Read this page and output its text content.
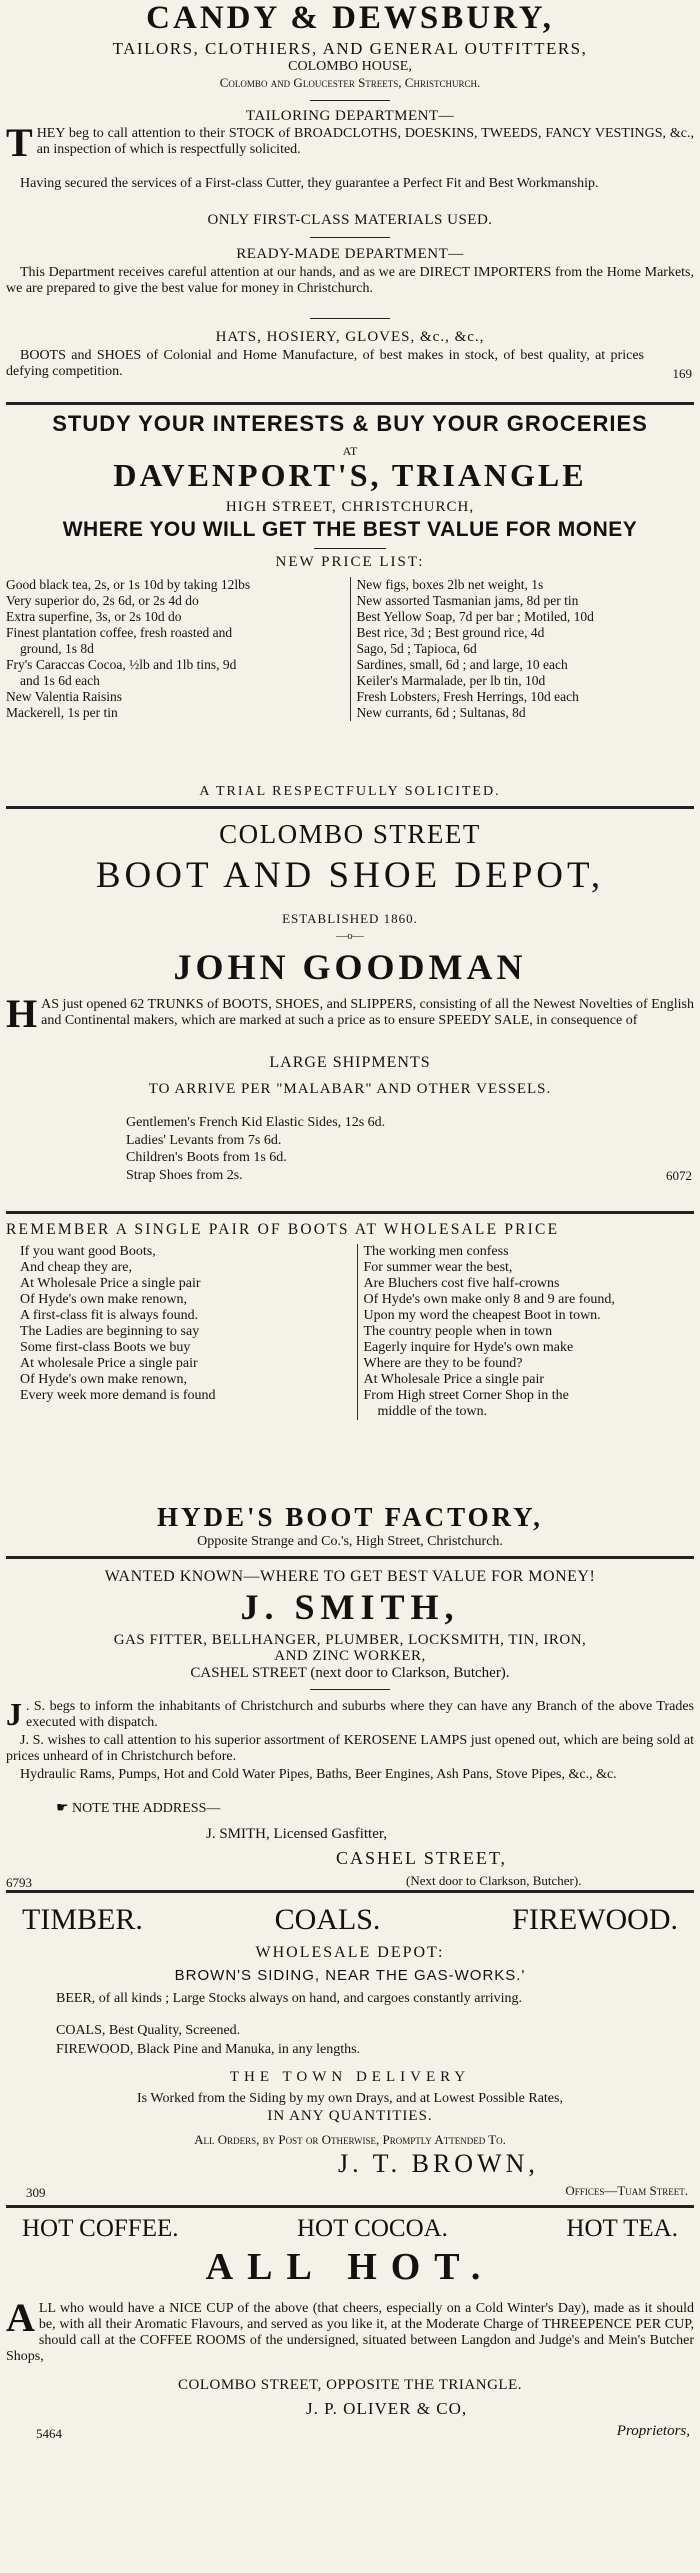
CANDY & DEWSBURY,
TAILORS, CLOTHIERS, AND GENERAL OUTFITTERS,
COLOMBO HOUSE,
Colombo and Gloucester Streets, Christchurch.
TAILORING DEPARTMENT—
THEY beg to call attention to their STOCK of BROADCLOTHS, DOESKINS, TWEEDS, FANCY VESTINGS, &c., an inspection of which is respectfully solicited.
Having secured the services of a First-class Cutter, they guarantee a Perfect Fit and Best Workmanship.
ONLY FIRST-CLASS MATERIALS USED.
READY-MADE DEPARTMENT—
This Department receives careful attention at our hands, and as we are DIRECT IMPORTERS from the Home Markets, we are prepared to give the best value for money in Christchurch.
HATS, HOSIERY, GLOVES, &c., &c.,
BOOTS and SHOES of Colonial and Home Manufacture, of best makes in stock, of best quality, at prices defying competition.	169
STUDY YOUR INTERESTS & BUY YOUR GROCERIES
AT
DAVENPORT'S, TRIANGLE
HIGH STREET, CHRISTCHURCH,
WHERE YOU WILL GET THE BEST VALUE FOR MONEY
NEW PRICE LIST:
Good black tea, 2s, or 1s 10d by taking 12lbs
Very superior do, 2s 6d, or 2s 4d do
Extra superfine, 3s, or 2s 10d do
Finest plantation coffee, fresh roasted and
ground, 1s 8d
Fry's Caraccas Cocoa, ½lb and 1lb tins, 9d
and 1s 6d each
New Valentia Raisins
Mackerell, 1s per tin
New figs, boxes 2lb net weight, 1s
New assorted Tasmanian jams, 8d per tin
Best Yellow Soap, 7d per bar ; Motiled, 10d
Best rice, 3d ; Best ground rice, 4d
Sago, 5d ; Tapioca, 6d
Sardines, small, 6d ; and large, 10 each
Keiler's Marmalade, per lb tin, 10d
Fresh Lobsters, Fresh Herrings, 10d each
New currants, 6d ; Sultanas, 8d
A TRIAL RESPECTFULLY SOLICITED.
COLOMBO STREET
BOOT AND SHOE DEPOT,
ESTABLISHED 1860.
—o—
JOHN GOODMAN
HAS just opened 62 TRUNKS of BOOTS, SHOES, and SLIPPERS, consisting of all the Newest Novelties of English and Continental makers, which are marked at such a price as to ensure SPEEDY SALE, in consequence of
LARGE SHIPMENTS
TO ARRIVE PER "MALABAR" AND OTHER VESSELS.
Gentlemen's French Kid Elastic Sides, 12s 6d.
Ladies' Levants from 7s 6d.
Children's Boots from 1s 6d.
Strap Shoes from 2s.	6072
REMEMBER A SINGLE PAIR OF BOOTS AT WHOLESALE PRICE
If you want good Boots,
And cheap they are,
At Wholesale Price a single pair
Of Hyde's own make renown,
A first-class fit is always found.
The Ladies are beginning to say
Some first-class Boots we buy
At wholesale Price a single pair
Of Hyde's own make renown,
Every week more demand is found
The working men confess
For summer wear the best,
Are Bluchers cost five half-crowns
Of Hyde's own make only 8 and 9 are found,
Upon my word the cheapest Boot in town.
The country people when in town
Eagerly inquire for Hyde's own make
Where are they to be found?
At Wholesale Price a single pair
From High street Corner Shop in the
middle of the town.
HYDE'S BOOT FACTORY,
Opposite Strange and Co.'s, High Street, Christchurch.
WANTED KNOWN—WHERE TO GET BEST VALUE FOR MONEY!
J. SMITH,
GAS FITTER, BELLHANGER, PLUMBER, LOCKSMITH, TIN, IRON,
AND ZINC WORKER,
CASHEL STREET (next door to Clarkson, Butcher).
J . S. begs to inform the inhabitants of Christchurch and suburbs where they can have any Branch of the above Trades executed with dispatch.
J. S. wishes to call attention to his superior assortment of KEROSENE LAMPS just opened out, which are being sold at prices unheard of in Christchurch before.
Hydraulic Rams, Pumps, Hot and Cold Water Pipes, Baths, Beer Engines, Ash Pans, Stove Pipes, &c., &c.
☛ NOTE THE ADDRESS—
J. SMITH, Licensed Gasfitter,
CASHEL STREET,
6793	(Next door to Clarkson, Butcher).
TIMBER.	COALS.	FIREWOOD.
WHOLESALE DEPOT:
BROWN'S SIDING, NEAR THE GAS-WORKS.'
BEER, of all kinds ; Large Stocks always on hand, and cargoes constantly arriving.
COALS, Best Quality, Screened.
FIREWOOD, Black Pine and Manuka, in any lengths.
THE TOWN DELIVERY
Is Worked from the Siding by my own Drays, and at Lowest Possible Rates,
IN ANY QUANTITIES.
All Orders, by Post or Otherwise, Promptly Attended To.
J. T. BROWN,
309	Offices—Tuam Street.
HOT COFFEE.	HOT COCOA.	HOT TEA.
ALL HOT.
ALL who would have a NICE CUP of the above (that cheers, especially on a Cold Winter's Day), made as it should be, with all their Aromatic Flavours, and served as you like it, at the Moderate Charge of THREEPENCE PER CUP, should call at the COFFEE ROOMS of the undersigned, situated between Langdon and Judge's and Mein's Butcher Shops,
COLOMBO STREET, OPPOSITE THE TRIANGLE.
J. P. OLIVER & CO,
5464	Proprietors,
